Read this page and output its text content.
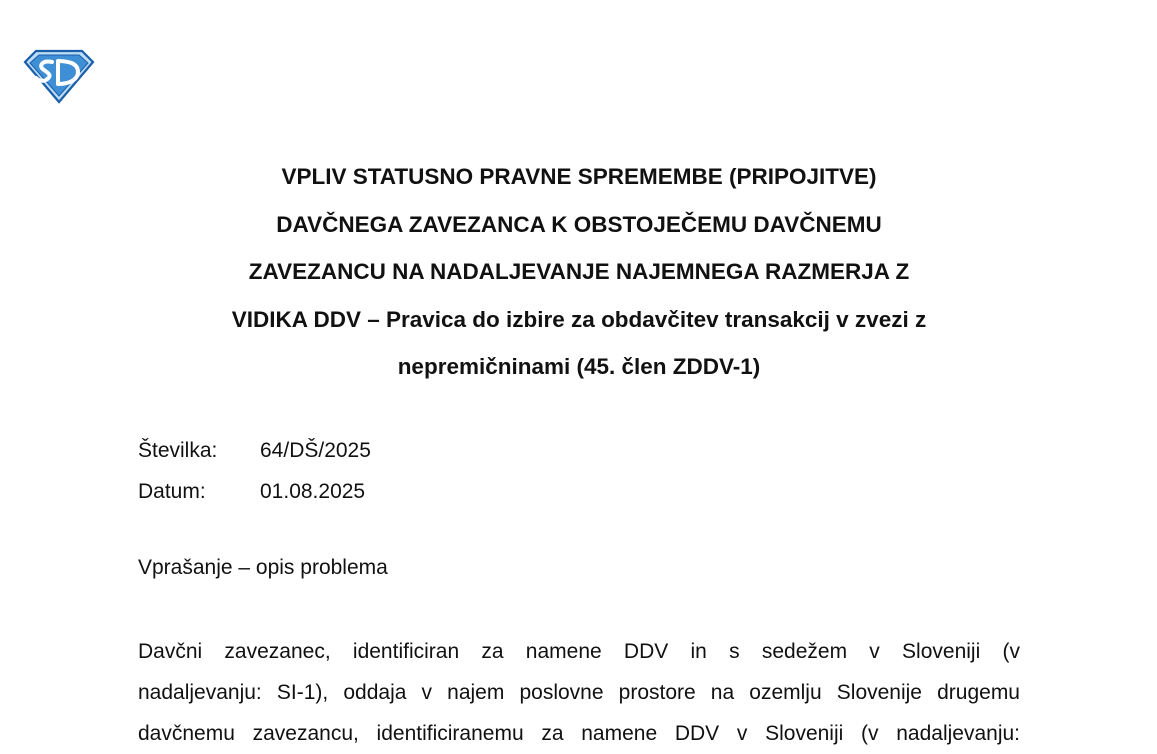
VPLIV STATUSNO PRAVNE SPREMEMBE (PRIPOJITVE)
DAVČNEGA ZAVEZANCA K OBSTOJEČEMU DAVČNEMU
ZAVEZANCU NA NADALJEVANJE NAJEMNEGA RAZMERJA Z
VIDIKA DDV – Pravica do izbire za obdavčitev transakcij v zvezi z
nepremičninami (45. člen ZDDV-1)
Številka:	64/DŠ/2025
Datum:	01.08.2025
Vprašanje – opis problema
Davčni zavezanec, identificiran za namene DDV in s sedežem v Sloveniji (v
nadaljevanju: SI-1), oddaja v najem poslovne prostore na ozemlju Slovenije drugemu
davčnemu zavezancu, identificiranemu za namene DDV v Sloveniji (v nadaljevanju:
